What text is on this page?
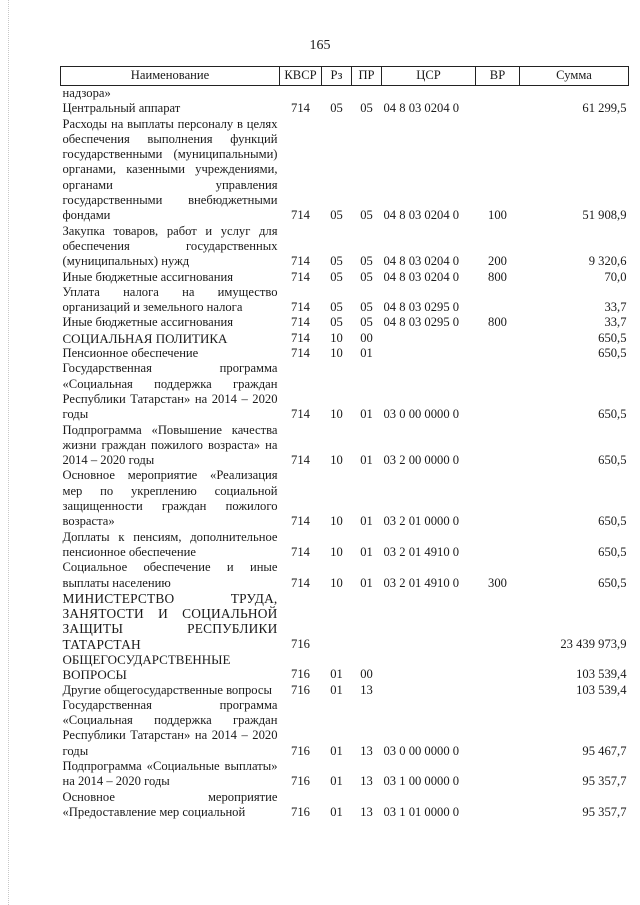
165
Наименование	КВСР	Рз	ПР	ЦСР	ВР	Сумма
надзора»						
Центральный аппарат	714	05	05	04 8 03 0204 0		61 299,5
Расходы на выплаты персоналу в целях обеспечения выполнения функций государственными (муниципальными) органами, казенными учреждениями, органами управления государственными внебюджетными фондами	714	05	05	04 8 03 0204 0	100	51 908,9
Закупка товаров, работ и услуг для обеспечения государственных (муниципальных) нужд	714	05	05	04 8 03 0204 0	200	9 320,6
Иные бюджетные ассигнования	714	05	05	04 8 03 0204 0	800	70,0
Уплата налога на имущество организаций и земельного налога	714	05	05	04 8 03 0295 0		33,7
Иные бюджетные ассигнования	714	05	05	04 8 03 0295 0	800	33,7
СОЦИАЛЬНАЯ ПОЛИТИКА	714	10	00			650,5
Пенсионное обеспечение	714	10	01			650,5
Государственная программа «Социальная поддержка граждан Республики Татарстан» на 2014 – 2020 годы	714	10	01	03 0 00 0000 0		650,5
Подпрограмма «Повышение качества жизни граждан пожилого возраста» на 2014 – 2020 годы	714	10	01	03 2 00 0000 0		650,5
Основное мероприятие «Реализация мер по укреплению социальной защищенности граждан пожилого возраста»	714	10	01	03 2 01 0000 0		650,5
Доплаты к пенсиям, дополнительное пенсионное обеспечение	714	10	01	03 2 01 4910 0		650,5
Социальное обеспечение и иные выплаты населению	714	10	01	03 2 01 4910 0	300	650,5
МИНИСТЕРСТВО ТРУДА, ЗАНЯТОСТИ И СОЦИАЛЬНОЙ ЗАЩИТЫ РЕСПУБЛИКИ ТАТАРСТАН	716					23 439 973,9
ОБЩЕГОСУДАРСТВЕННЫЕ ВОПРОСЫ	716	01	00			103 539,4
Другие общегосударственные вопросы	716	01	13			103 539,4
Государственная программа «Социальная поддержка граждан Республики Татарстан» на 2014 – 2020 годы	716	01	13	03 0 00 0000 0		95 467,7
Подпрограмма «Социальные выплаты» на 2014 – 2020 годы	716	01	13	03 1 00 0000 0		95 357,7
Основное мероприятие «Предоставление мер социальной	716	01	13	03 1 01 0000 0		95 357,7
